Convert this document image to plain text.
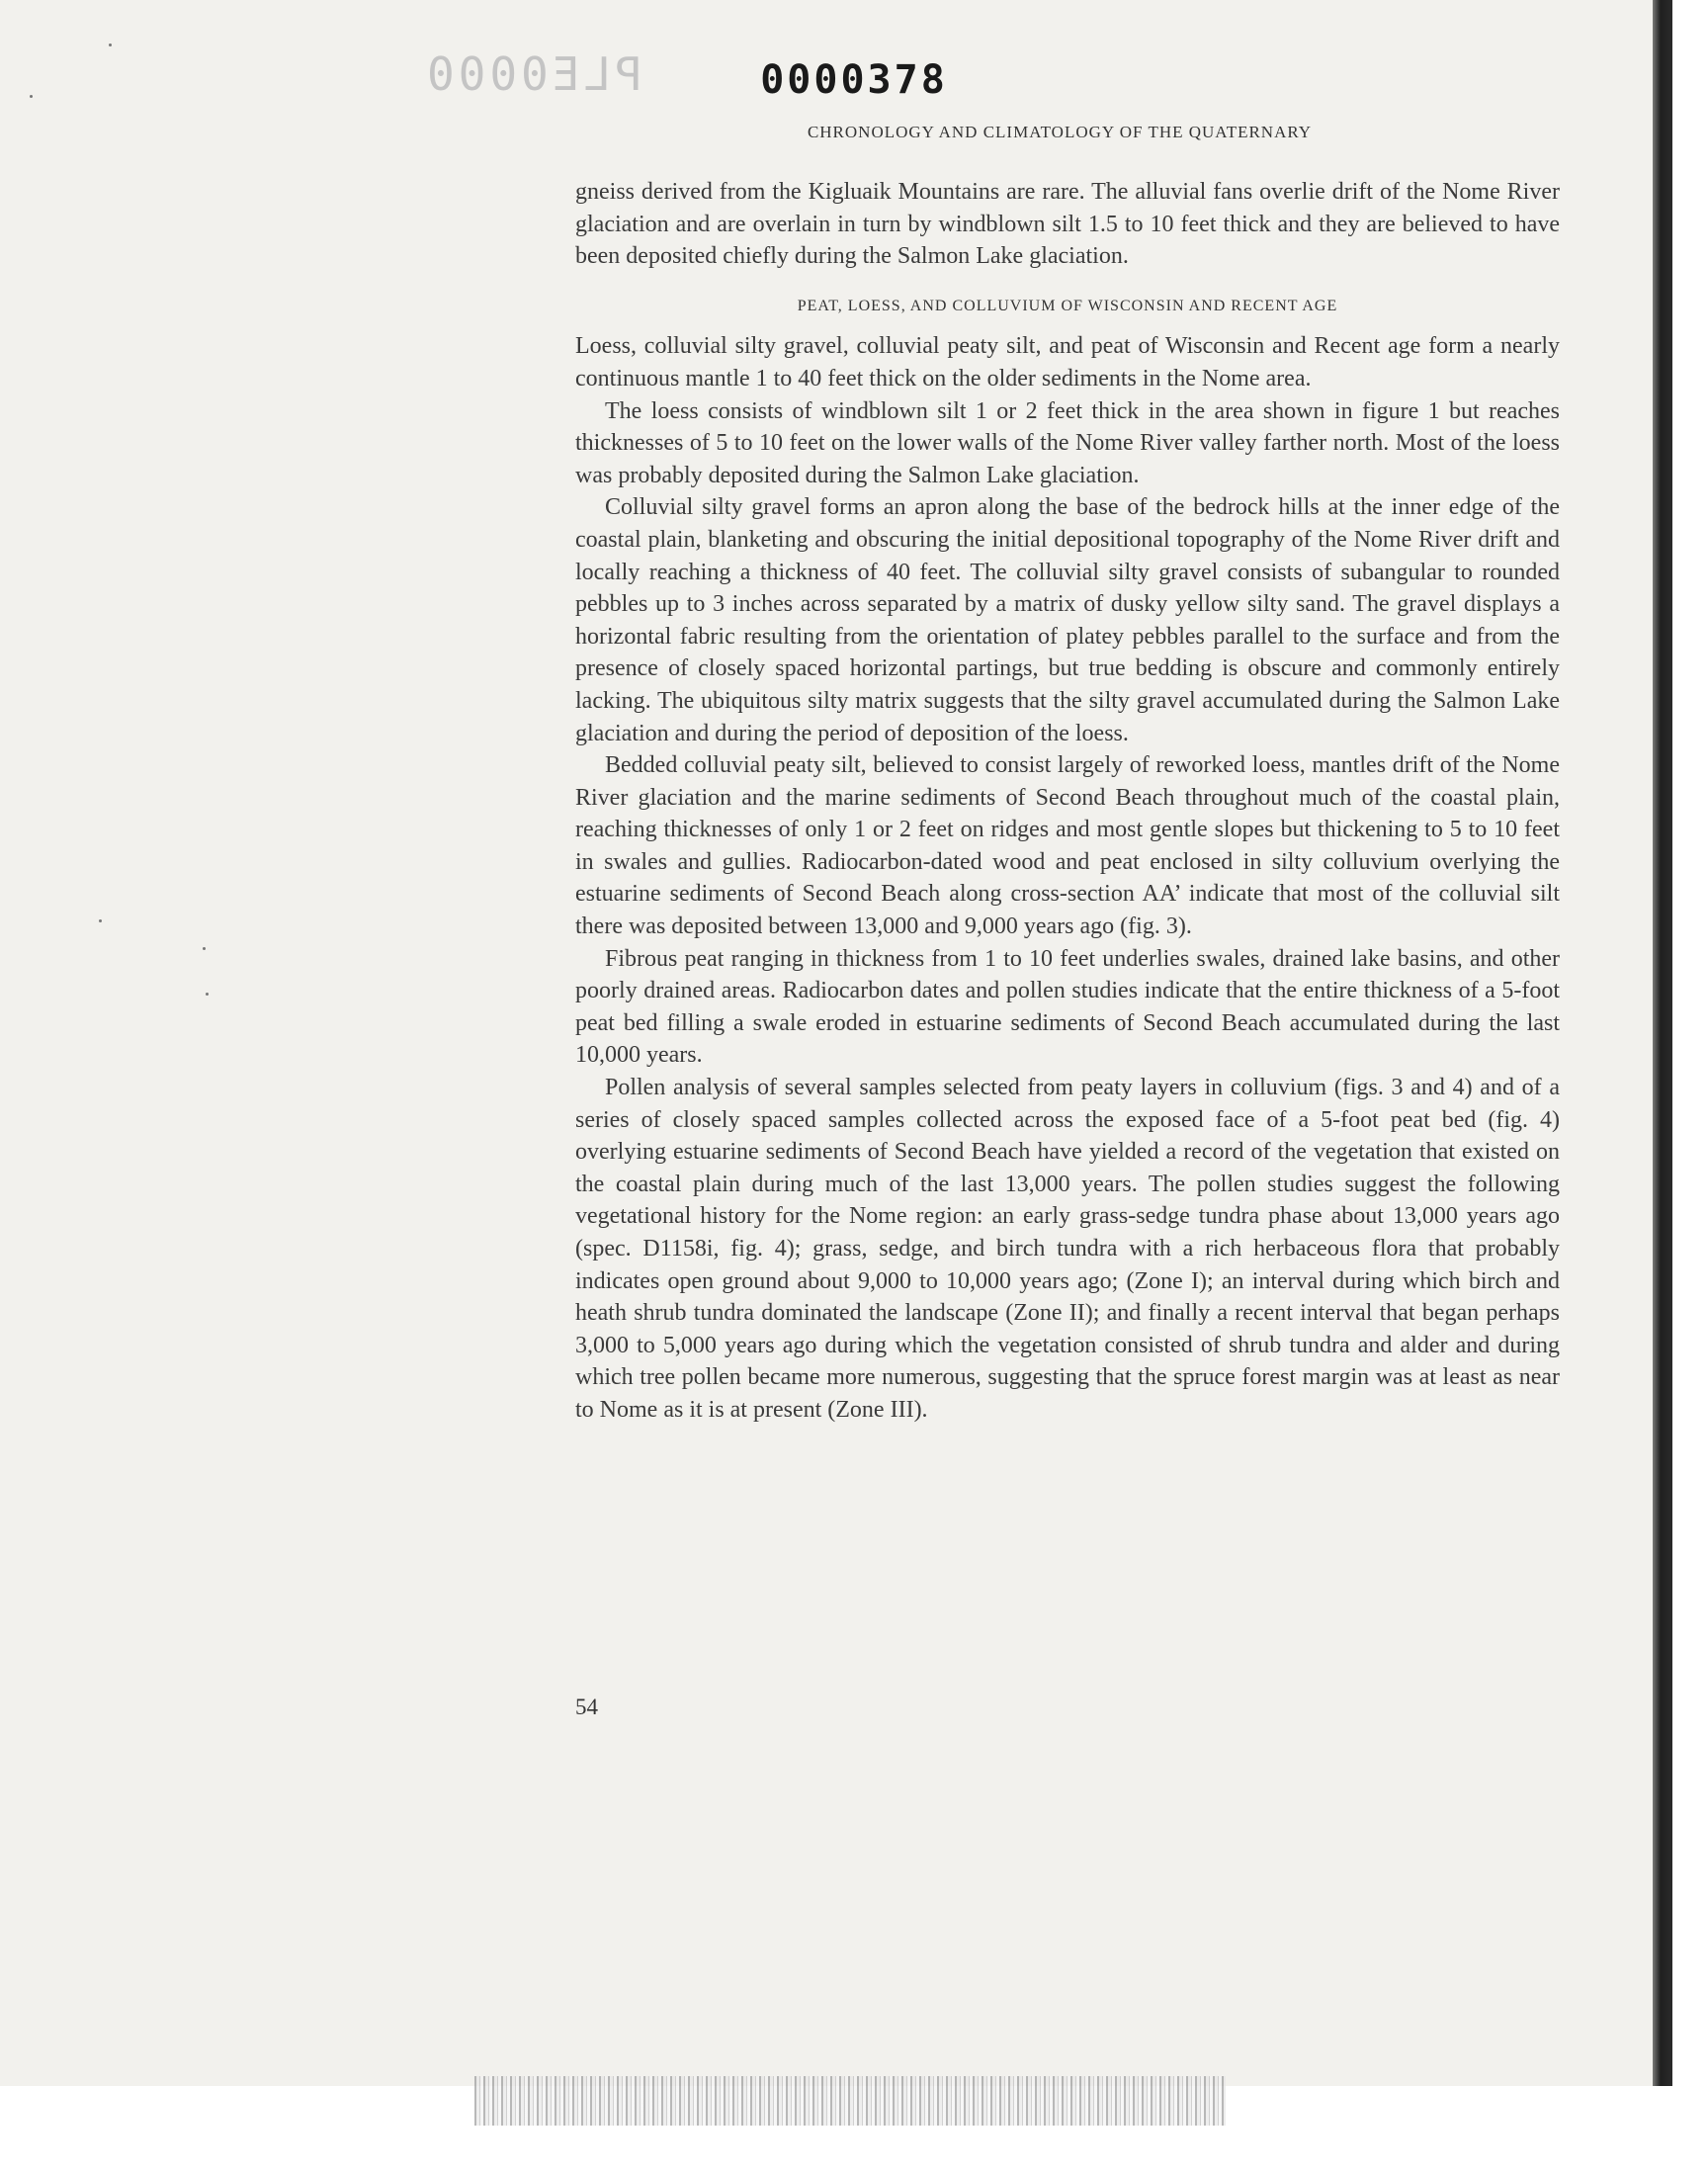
PLE0000	0000378
CHRONOLOGY AND CLIMATOLOGY OF THE QUATERNARY

gneiss derived from the Kigluaik Mountains are rare. The alluvial fans overlie drift of the Nome River glaciation and are overlain in turn by windblown silt 1.5 to 10 feet thick and they are believed to have been deposited chiefly during the Salmon Lake glaciation.

PEAT, LOESS, AND COLLUVIUM OF WISCONSIN AND RECENT AGE

Loess, colluvial silty gravel, colluvial peaty silt, and peat of Wisconsin and Recent age form a nearly continuous mantle 1 to 40 feet thick on the older sediments in the Nome area.

The loess consists of windblown silt 1 or 2 feet thick in the area shown in figure 1 but reaches thicknesses of 5 to 10 feet on the lower walls of the Nome River valley farther north. Most of the loess was probably deposited during the Salmon Lake glaciation.

Colluvial silty gravel forms an apron along the base of the bedrock hills at the inner edge of the coastal plain, blanketing and obscuring the initial depositional topography of the Nome River drift and locally reaching a thickness of 40 feet. The colluvial silty gravel consists of subangular to rounded pebbles up to 3 inches across separated by a matrix of dusky yellow silty sand. The gravel displays a horizontal fabric resulting from the orientation of platey pebbles parallel to the surface and from the presence of closely spaced horizontal partings, but true bedding is obscure and commonly entirely lacking. The ubiquitous silty matrix suggests that the silty gravel accumulated during the Salmon Lake glaciation and during the period of deposition of the loess.

Bedded colluvial peaty silt, believed to consist largely of reworked loess, mantles drift of the Nome River glaciation and the marine sediments of Second Beach throughout much of the coastal plain, reaching thicknesses of only 1 or 2 feet on ridges and most gentle slopes but thickening to 5 to 10 feet in swales and gullies. Radiocarbon-dated wood and peat enclosed in silty colluvium overlying the estuarine sediments of Second Beach along cross-section AA’ indicate that most of the colluvial silt there was deposited between 13,000 and 9,000 years ago (fig. 3).

Fibrous peat ranging in thickness from 1 to 10 feet underlies swales, drained lake basins, and other poorly drained areas. Radiocarbon dates and pollen studies indicate that the entire thickness of a 5-foot peat bed filling a swale eroded in estuarine sediments of Second Beach accumulated during the last 10,000 years.

Pollen analysis of several samples selected from peaty layers in colluvium (figs. 3 and 4) and of a series of closely spaced samples collected across the exposed face of a 5-foot peat bed (fig. 4) overlying estuarine sediments of Second Beach have yielded a record of the vegetation that existed on the coastal plain during much of the last 13,000 years. The pollen studies suggest the following vegetational history for the Nome region: an early grass-sedge tundra phase about 13,000 years ago (spec. D1158i, fig. 4); grass, sedge, and birch tundra with a rich herbaceous flora that probably indicates open ground about 9,000 to 10,000 years ago; (Zone I); an interval during which birch and heath shrub tundra dominated the landscape (Zone II); and finally a recent interval that began perhaps 3,000 to 5,000 years ago during which the vegetation consisted of shrub tundra and alder and during which tree pollen became more numerous, suggesting that the spruce forest margin was at least as near to Nome as it is at present (Zone III).

54
